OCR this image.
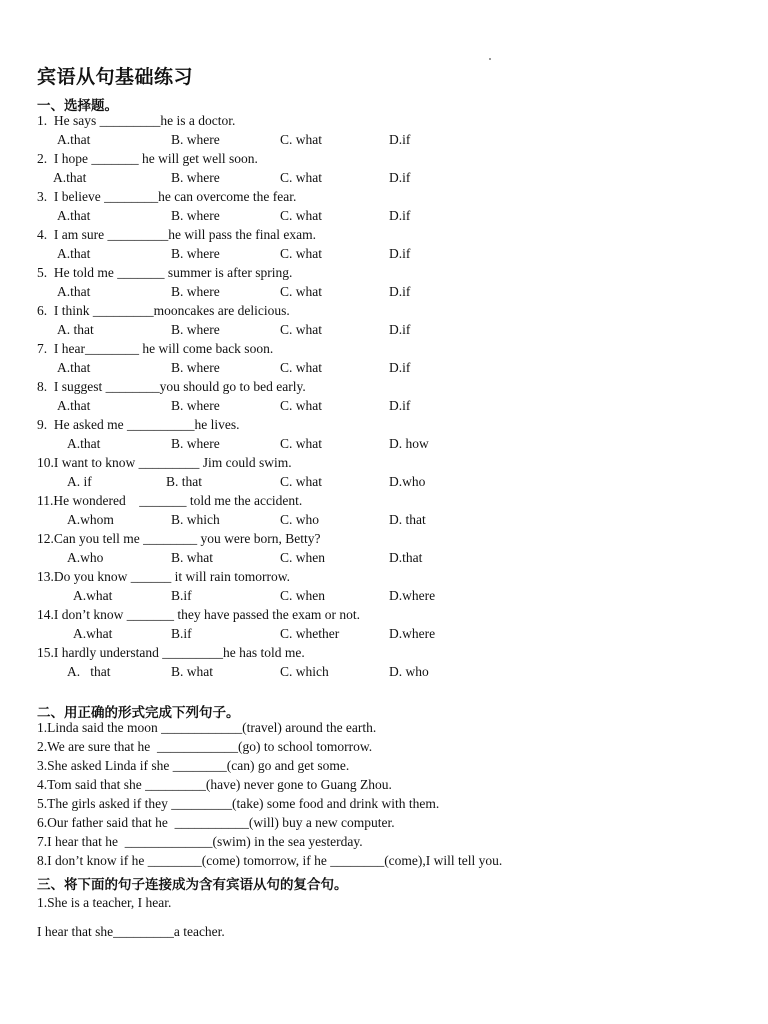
宾语从句基础练习
一、选择题。
1.  He says _________he is a doctor.
A.that	B. where	C. what	D.if
2.  I hope _______ he will get well soon.
A.that	B. where	C. what	D.if
3.  I believe ________he can overcome the fear.
A.that	B. where	C. what	D.if
4.  I am sure _________he will pass the final exam.
A.that	B. where	C. what	D.if
5.  He told me _______ summer is after spring.
A.that	B. where	C. what	D.if
6.  I think _________mooncakes are delicious.
A. that	B. where	C. what	D.if
7.  I hear________ he will come back soon.
A.that	B. where	C. what	D.if
8.  I suggest ________you should go to bed early.
A.that	B. where	C. what	D.if
9.  He asked me __________he lives.
A.that	B. where	C. what	D. how
10.I want to know _________ Jim could swim.
A. if	B. that	C. what	D.who
11.He wondered    _______ told me the accident.
A.whom	B. which	C. who	D. that
12.Can you tell me ________ you were born, Betty?
A.who	B. what	C. when	D.that
13.Do you know ______ it will rain tomorrow.
A.what	B.if	C. when	D.where
14.I don’t know _______ they have passed the exam or not.
A.what	B.if	C. whether	D.where
15.I hardly understand _________he has told me.
A.   that	B. what	C. which	D. who
二、用正确的形式完成下列句子。
1.Linda said the moon ____________(travel) around the earth.
2.We are sure that he  ____________(go) to school tomorrow.
3.She asked Linda if she ________(can) go and get some.
4.Tom said that she _________(have) never gone to Guang Zhou.
5.The girls asked if they _________(take) some food and drink with them.
6.Our father said that he  ___________(will) buy a new computer.
7.I hear that he  _____________(swim) in the sea yesterday.
8.I don’t know if he ________(come) tomorrow, if he ________(come),I will tell you.
三、将下面的句子连接成为含有宾语从句的复合句。
1.She is a teacher, I hear.
I hear that she_________a teacher.
